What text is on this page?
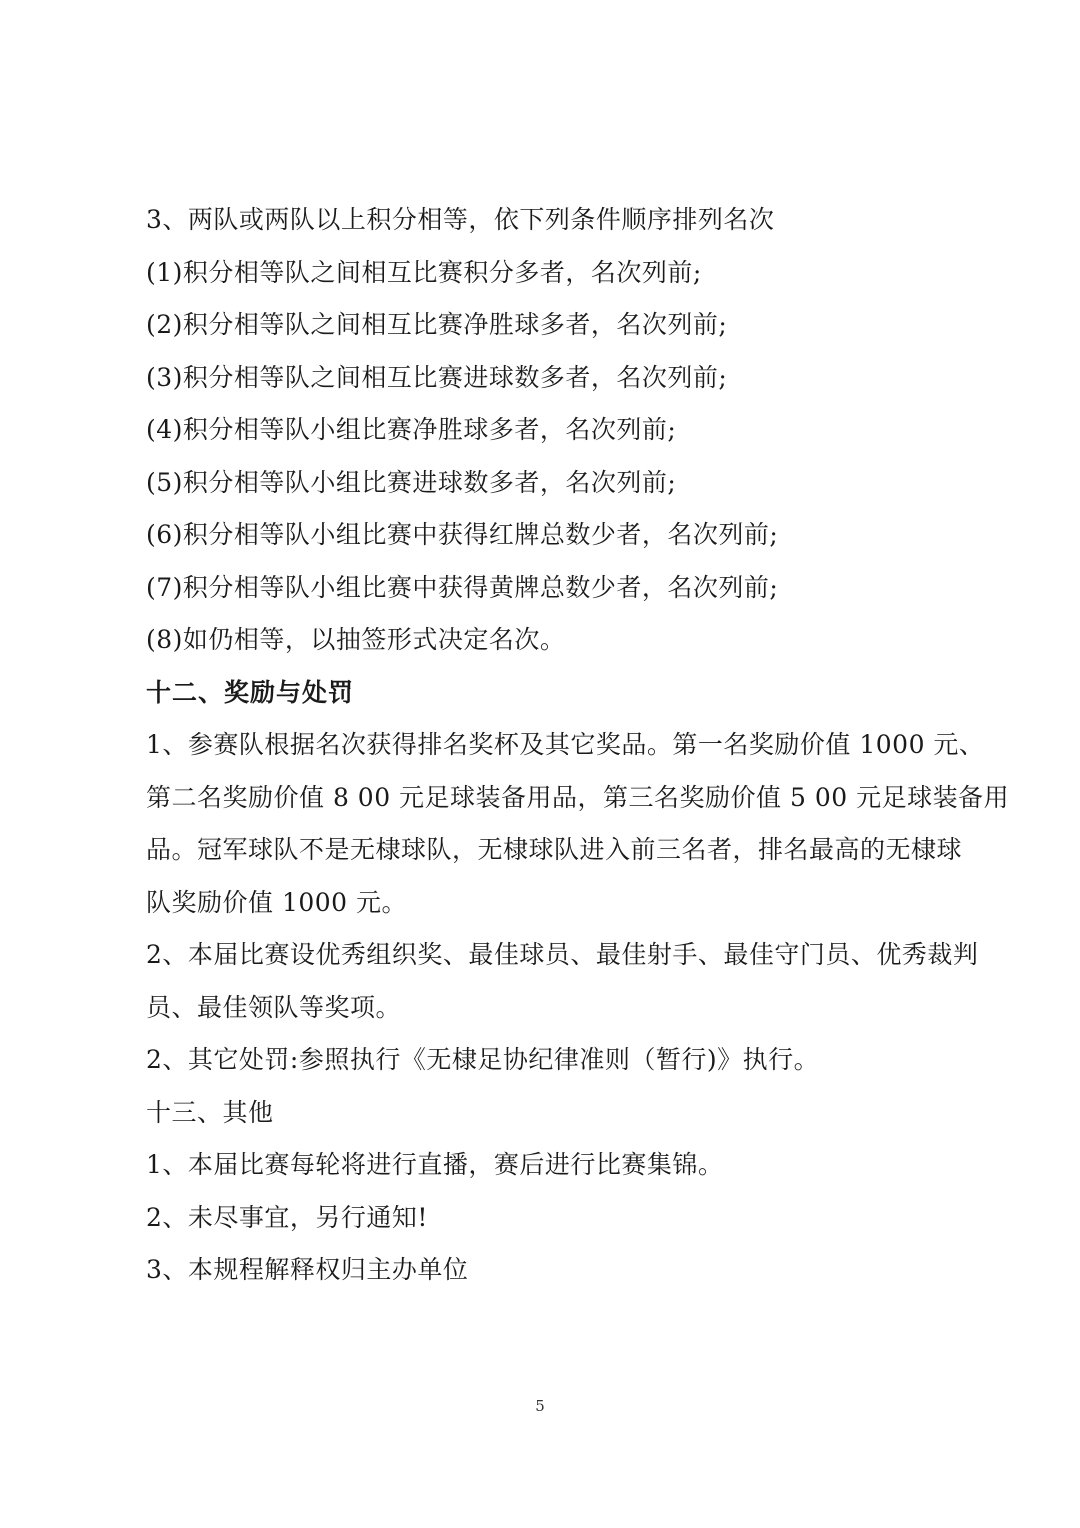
3、两队或两队以上积分相等，依下列条件顺序排列名次
(1)积分相等队之间相互比赛积分多者，名次列前;
(2)积分相等队之间相互比赛净胜球多者，名次列前;
(3)积分相等队之间相互比赛进球数多者，名次列前;
(4)积分相等队小组比赛净胜球多者，名次列前;
(5)积分相等队小组比赛进球数多者，名次列前;
(6)积分相等队小组比赛中获得红牌总数少者，名次列前;
(7)积分相等队小组比赛中获得黄牌总数少者，名次列前;
(8)如仍相等，以抽签形式决定名次。
十二、奖励与处罚
1、参赛队根据名次获得排名奖杯及其它奖品。第一名奖励价值 1000 元、
第二名奖励价值 8 00 元足球装备用品，第三名奖励价值 5 00 元足球装备用
品。冠军球队不是无棣球队，无棣球队进入前三名者，排名最高的无棣球
队奖励价值 1000 元。
2、本届比赛设优秀组织奖、最佳球员、最佳射手、最佳守门员、优秀裁判
员、最佳领队等奖项。
2、其它处罚:参照执行《无棣足协纪律准则（暂行)》执行。
十三、其他
1、本届比赛每轮将进行直播，赛后进行比赛集锦。
2、未尽事宜，另行通知!
3、本规程解释权归主办单位
5
